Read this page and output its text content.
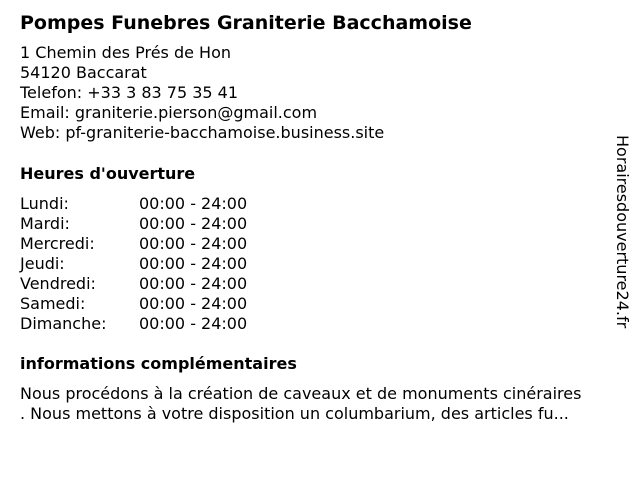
Pompes Funebres Graniterie Bacchamoise
1 Chemin des Prés de Hon
54120 Baccarat
Telefon: +33 3 83 75 35 41
Email: graniterie.pierson@gmail.com
Web: pf-graniterie-bacchamoise.business.site
Heures d'ouverture
Lundi:	00:00 - 24:00
Mardi:	00:00 - 24:00
Mercredi:	00:00 - 24:00
Jeudi:	00:00 - 24:00
Vendredi:	00:00 - 24:00
Samedi:	00:00 - 24:00
Dimanche: 00:00 - 24:00
informations complémentaires
Nous procédons à la création de caveaux et de monuments cinéraires
. Nous mettons à votre disposition un columbarium, des articles fu...
Horairesdouverture24.fr
